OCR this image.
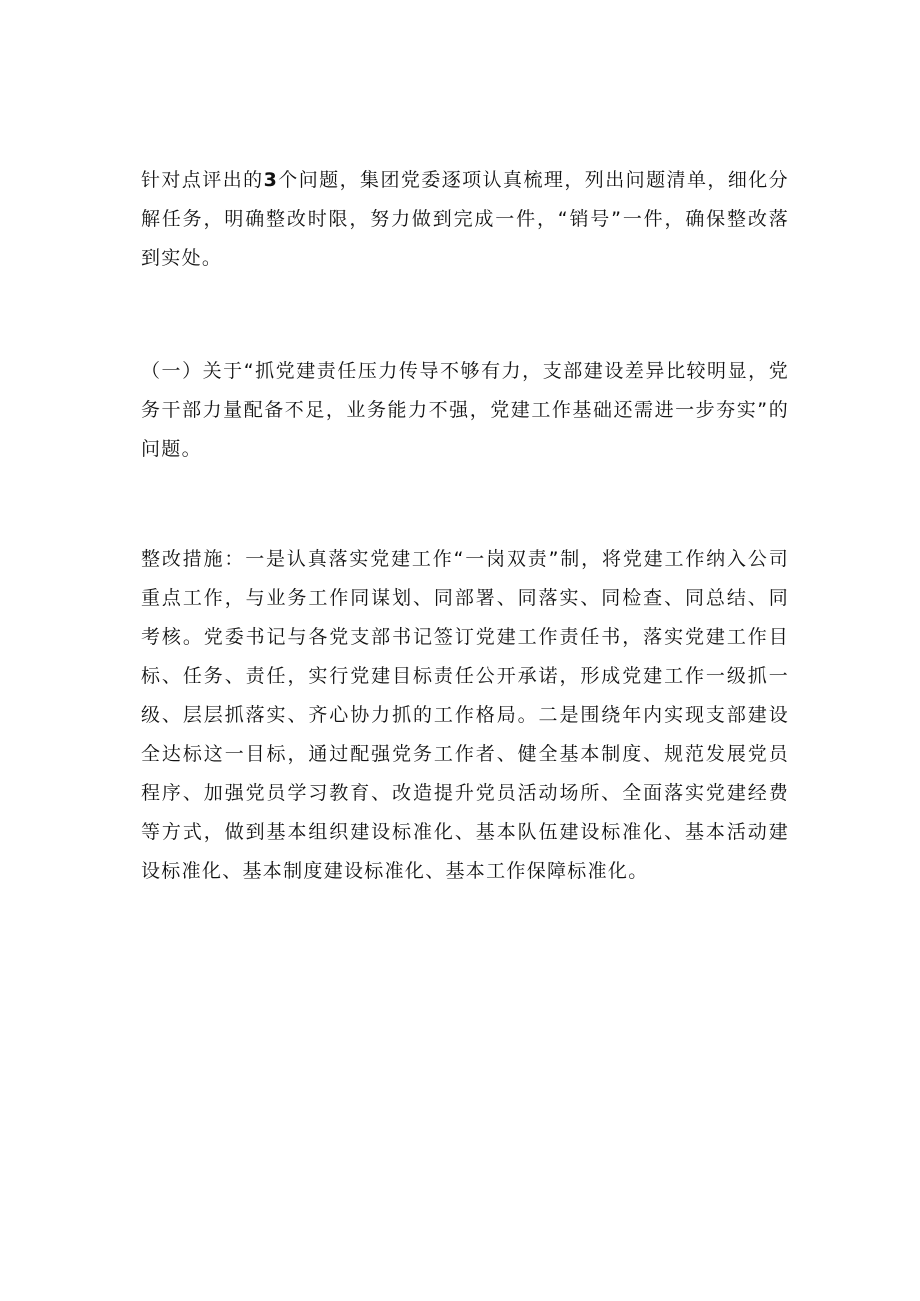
针对点评出的3个问题，集团党委逐项认真梳理，列出问题清单，细化分解任务，明确整改时限，努力做到完成一件，“销号”一件，确保整改落到实处。

（一）关于“抓党建责任压力传导不够有力，支部建设差异比较明显，党务干部力量配备不足，业务能力不强，党建工作基础还需进一步夯实”的问题。

整改措施：一是认真落实党建工作“一岗双责”制，将党建工作纳入公司重点工作，与业务工作同谋划、同部署、同落实、同检查、同总结、同考核。党委书记与各党支部书记签订党建工作责任书，落实党建工作目标、任务、责任，实行党建目标责任公开承诺，形成党建工作一级抓一级、层层抓落实、齐心协力抓的工作格局。二是围绕年内实现支部建设全达标这一目标，通过配强党务工作者、健全基本制度、规范发展党员程序、加强党员学习教育、改造提升党员活动场所、全面落实党建经费等方式，做到基本组织建设标准化、基本队伍建设标准化、基本活动建设标准化、基本制度建设标准化、基本工作保障标准化。
